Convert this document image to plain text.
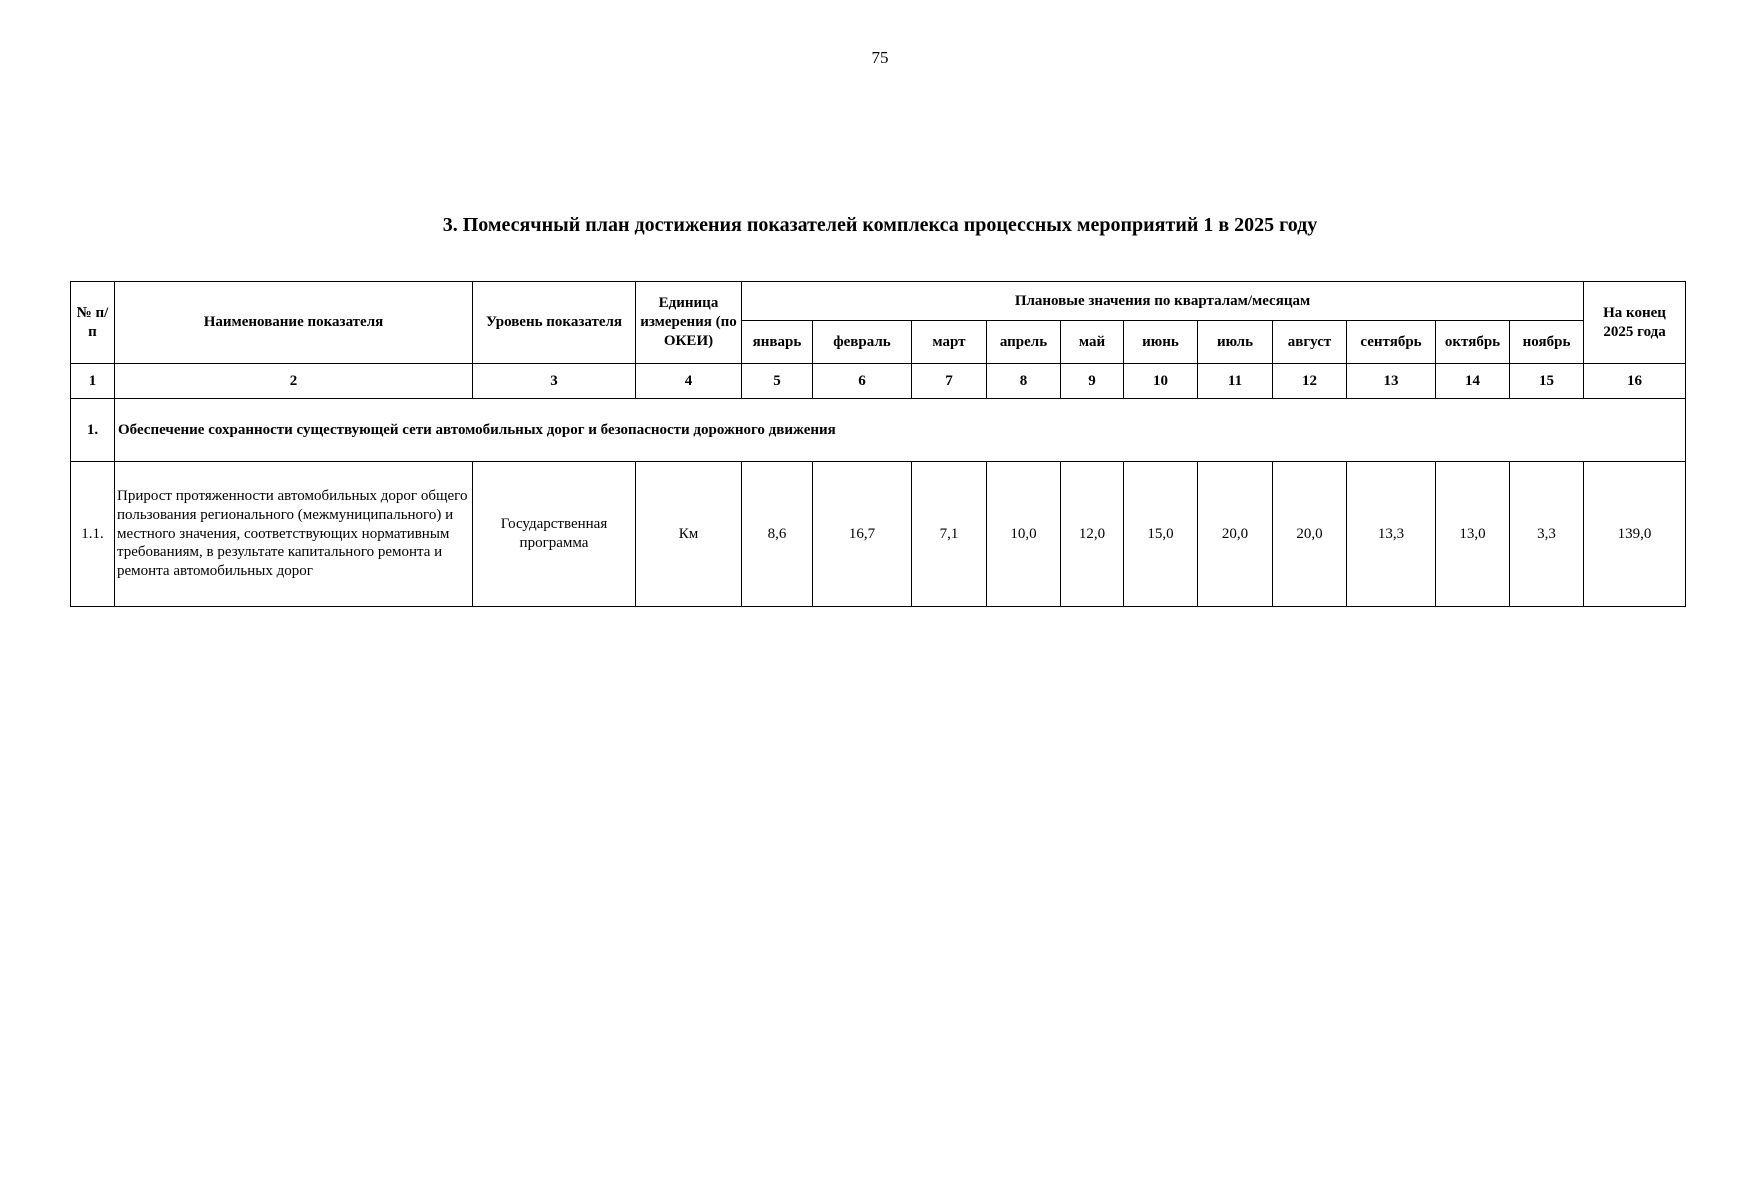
75
3. Помесячный план достижения показателей комплекса процессных мероприятий 1 в 2025 году
№ п/п	Наименование показателя	Уровень показателя	Единица измерения (по ОКЕИ)	Плановые значения по кварталам/месяцам											На конец 2025 года
				январь	февраль	март	апрель	май	июнь	июль	август	сентябрь	октябрь	ноябрь	
1	2	3	4	5	6	7	8	9	10	11	12	13	14	15	16
1.	Обеспечение сохранности существующей сети автомобильных дорог и безопасности дорожного движения														
1.1.	Прирост протяженности автомобильных дорог общего пользования регионального (межмуниципального) и местного значения, соответствующих нормативным требованиям, в результате капитального ремонта и ремонта автомобильных дорог	Государственная программа	Км	8,6	16,7	7,1	10,0	12,0	15,0	20,0	20,0	13,3	13,0	3,3	139,0
